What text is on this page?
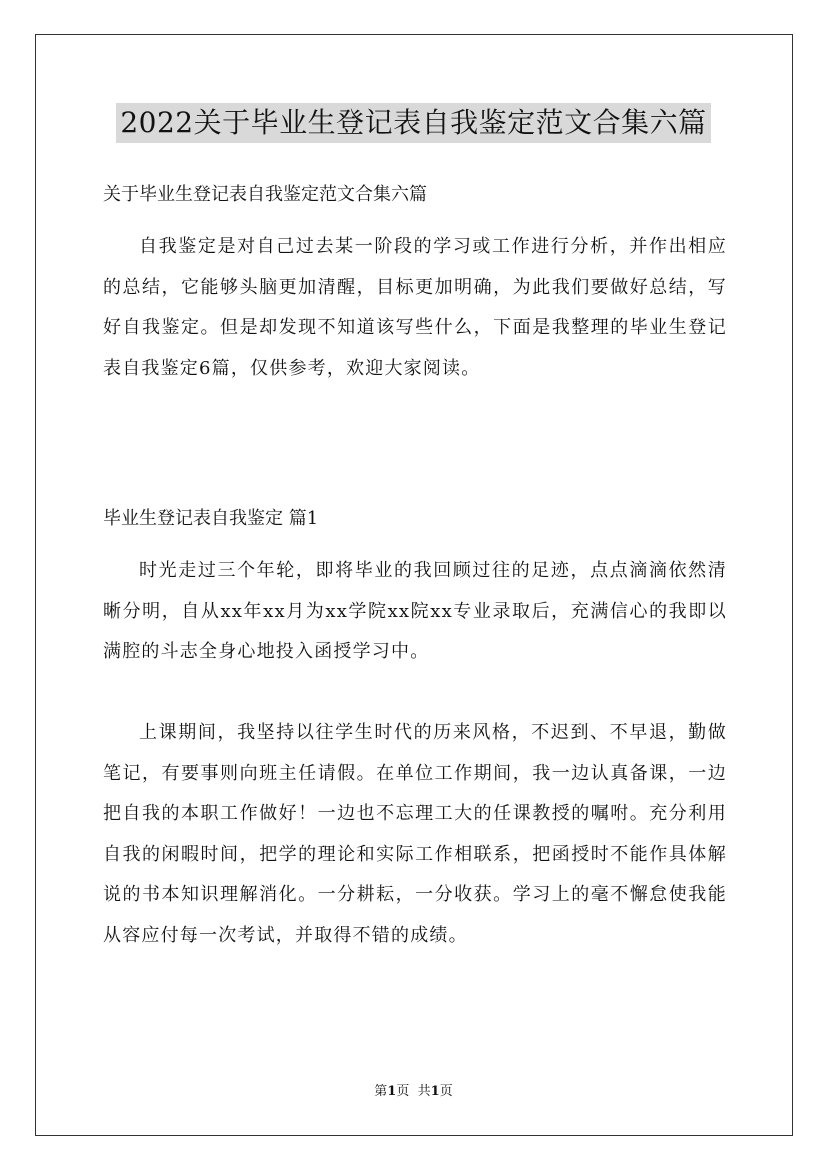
2022关于毕业生登记表自我鉴定范文合集六篇
关于毕业生登记表自我鉴定范文合集六篇

自我鉴定是对自己过去某一阶段的学习或工作进行分析，并作出相应的总结，它能够头脑更加清醒，目标更加明确，为此我们要做好总结，写好自我鉴定。但是却发现不知道该写些什么，下面是我整理的毕业生登记表自我鉴定6篇，仅供参考，欢迎大家阅读。

毕业生登记表自我鉴定 篇1

时光走过三个年轮，即将毕业的我回顾过往的足迹，点点滴滴依然清晰分明，自从xx年xx月为xx学院xx院xx专业录取后，充满信心的我即以满腔的斗志全身心地投入函授学习中。

上课期间，我坚持以往学生时代的历来风格，不迟到、不早退，勤做笔记，有要事则向班主任请假。在单位工作期间，我一边认真备课，一边把自我的本职工作做好！一边也不忘理工大的任课教授的嘱咐。充分利用自我的闲暇时间，把学的理论和实际工作相联系，把函授时不能作具体解说的书本知识理解消化。一分耕耘，一分收获。学习上的毫不懈怠使我能从容应付每一次考试，并取得不错的成绩。

第1页 共1页
